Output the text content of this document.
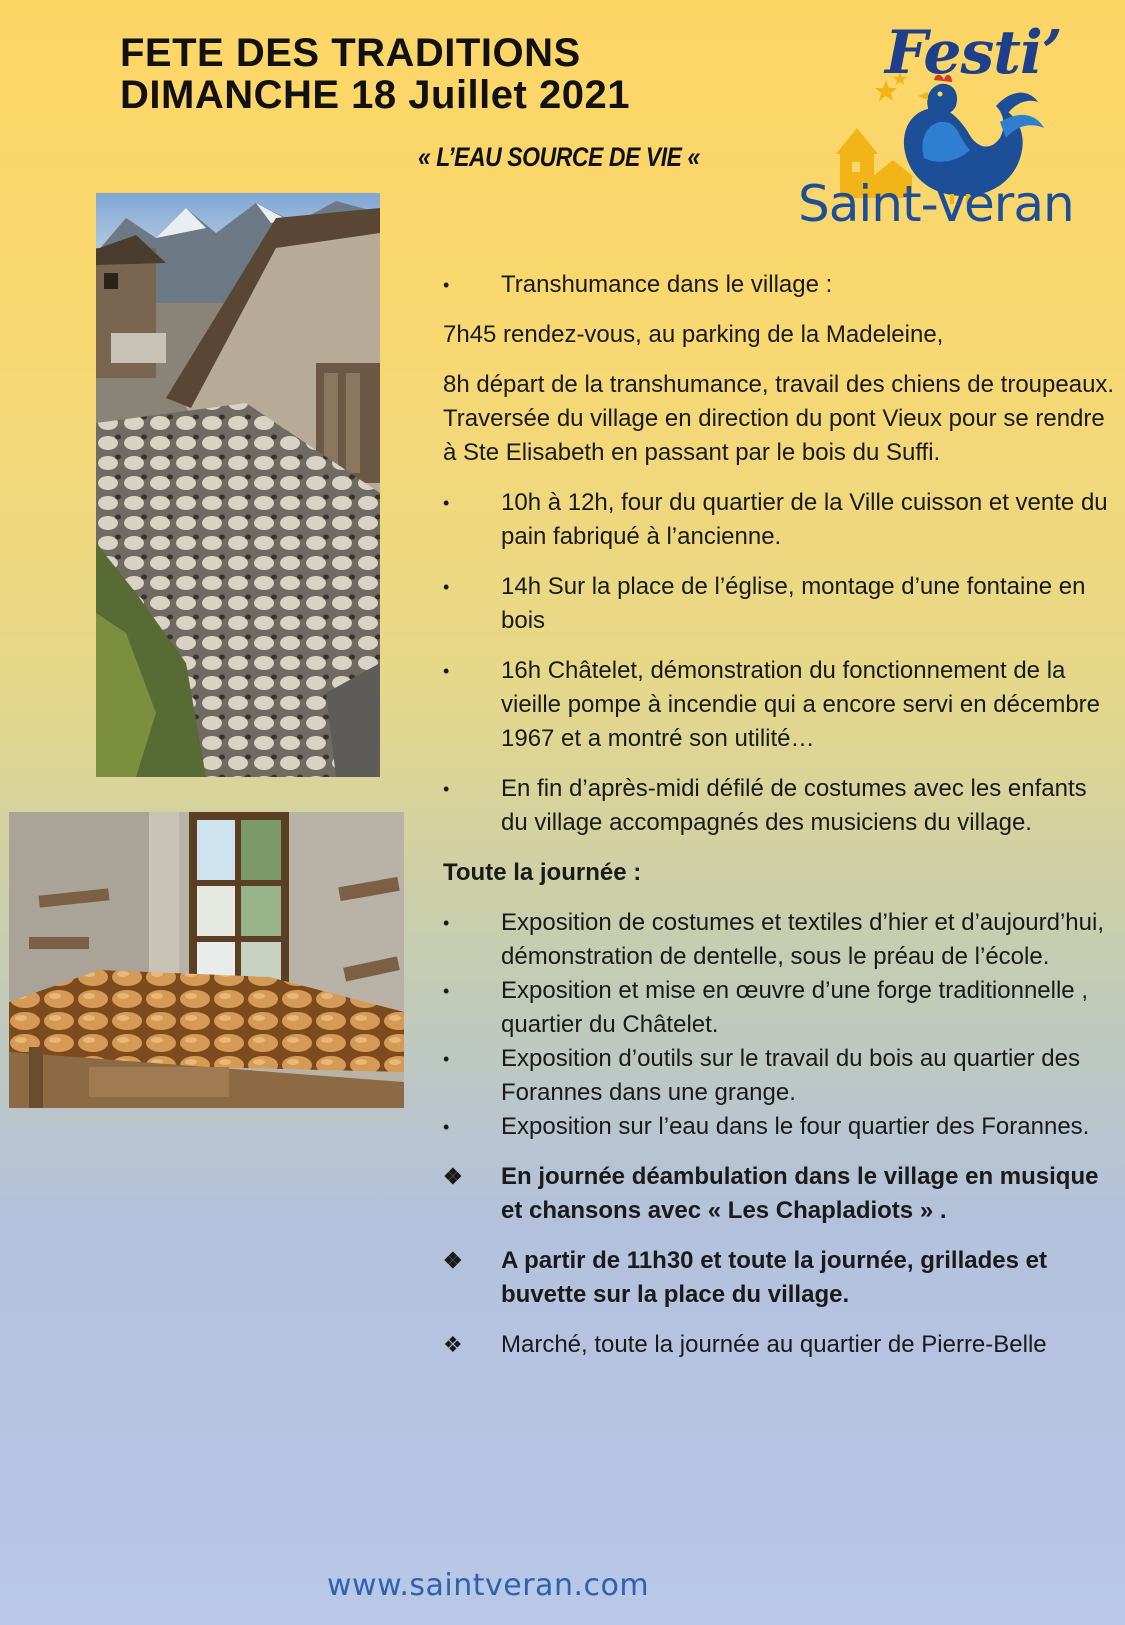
FETE DES TRADITIONS
DIMANCHE 18 Juillet 2021
« L’EAU SOURCE DE VIE «
Festi’
Saint-Véran
•	Transhumance dans le village :

7h45 rendez-vous, au parking de la Madeleine,

8h départ de la transhumance, travail des chiens de troupeaux. Traversée du village en direction du pont Vieux pour se rendre à Ste Elisabeth en passant par le bois du Suffi.

•	10h à 12h, four du quartier de la Ville cuisson et vente du pain fabriqué à l’ancienne.
•	14h Sur la place de l’église, montage d’une fontaine en bois
•	16h Châtelet, démonstration du fonctionnement de la vieille pompe à incendie qui a encore servi en décembre 1967 et a montré son utilité…
•	En fin d’après-midi défilé de costumes avec les enfants du village accompagnés des musiciens du village.

Toute la journée :

•	Exposition de costumes et textiles d’hier et d’aujourd’hui, démonstration de dentelle, sous le préau de l’école.
•	Exposition et mise en œuvre d’une forge traditionnelle , quartier du Châtelet.
•	Exposition d’outils sur le travail du bois au quartier des Forannes dans une grange.
•	Exposition sur l’eau dans le four quartier des Forannes.
❖	En journée déambulation dans le village en musique et chansons avec « Les Chapladiots » .
❖	A partir de 11h30 et toute la journée, grillades et buvette sur la place du village.
❖	Marché, toute la journée au quartier de Pierre-Belle
www.saintveran.com
